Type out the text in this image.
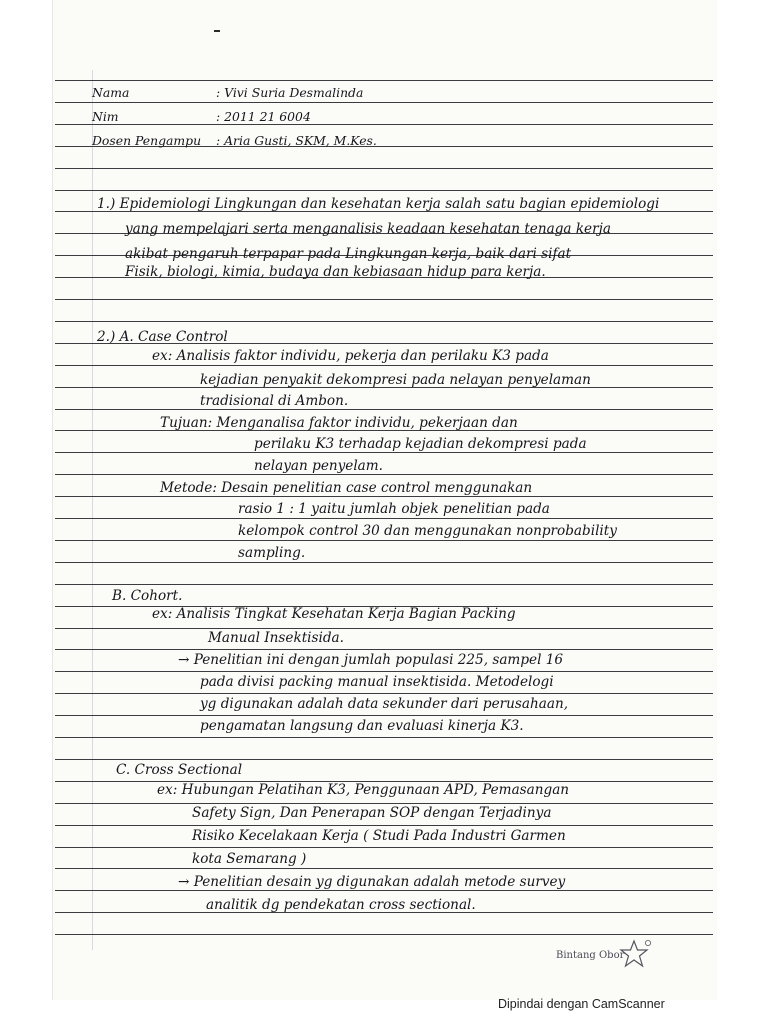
Nama	: Vivi Suria Desmalinda
Nim	: 2011 21 6004
Dosen Pengampu : Aria Gusti, SKM, M.Kes.
1.) Epidemiologi Lingkungan dan kesehatan kerja salah satu bagian epidemiologi
yang mempelajari serta menganalisis keadaan kesehatan tenaga kerja
akibat pengaruh terpapar pada Lingkungan kerja, baik dari sifat
Fisik, biologi, kimia, budaya dan kebiasaan hidup para kerja.
2.) A. Case Control
ex: Analisis faktor individu, pekerja dan perilaku K3 pada
kejadian penyakit dekompresi pada nelayan penyelaman
tradisional di Ambon.
Tujuan: Menganalisa faktor individu, pekerjaan dan
perilaku K3 terhadap kejadian dekompresi pada
nelayan penyelam.
Metode: Desain penelitian case control menggunakan
rasio 1 : 1 yaitu jumlah objek penelitian pada
kelompok control 30 dan menggunakan nonprobability
sampling.
B. Cohort.
ex: Analisis Tingkat Kesehatan Kerja Bagian Packing
Manual Insektisida.
→ Penelitian ini dengan jumlah populasi 225, sampel 16
pada divisi packing manual insektisida. Metodelogi
yg digunakan adalah data sekunder dari perusahaan,
pengamatan langsung dan evaluasi kinerja K3.
C. Cross Sectional
ex: Hubungan Pelatihan K3, Penggunaan APD, Pemasangan
Safety Sign, Dan Penerapan SOP dengan Terjadinya
Risiko Kecelakaan Kerja ( Studi Pada Industri Garmen
kota Semarang )
→ Penelitian desain yg digunakan adalah metode survey
analitik dg pendekatan cross sectional.
Bintang Obor
Dipindai dengan CamScanner
